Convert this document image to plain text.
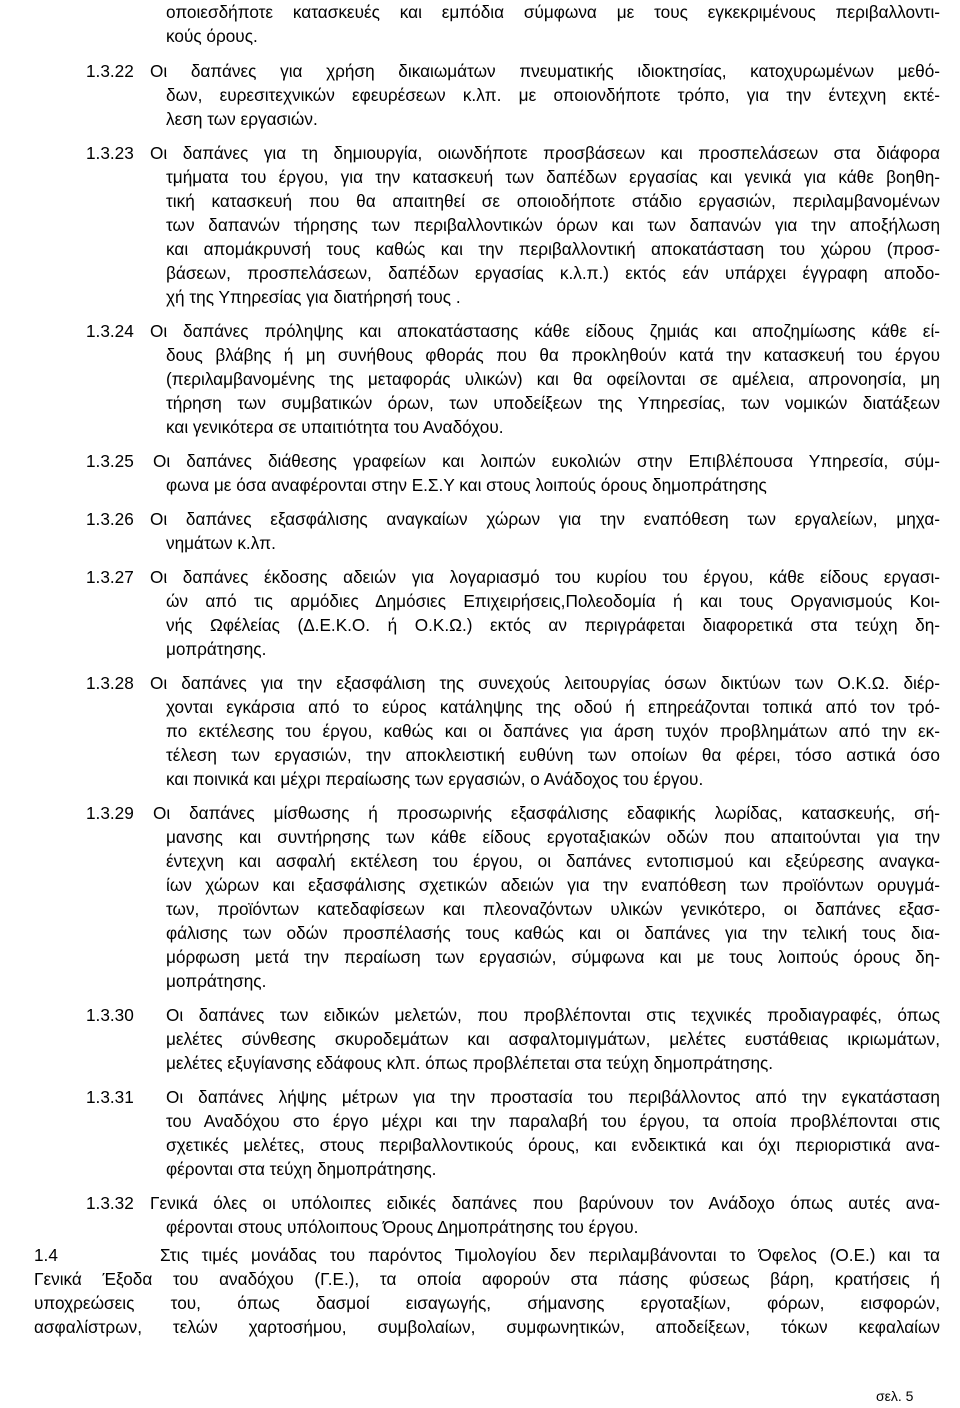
οποιεσδήποτε κατασκευές και εμπόδια σύμφωνα με τους εγκεκριμένους περιβαλλοντι-
κούς όρους.
1.3.22 Οι δαπάνες για χρήση δικαιωμάτων πνευματικής ιδιοκτησίας, κατοχυρωμένων μεθό-
δων, ευρεσιτεχνικών εφευρέσεων κ.λπ. με οποιονδήποτε τρόπο, για την έντεχνη εκτέ-
λεση των εργασιών.
1.3.23 Οι δαπάνες για τη δημιουργία, οιωνδήποτε προσβάσεων και προσπελάσεων στα διάφορα
τμήματα του έργου, για την κατασκευή των δαπέδων εργασίας και γενικά για κάθε βοηθη-
τική κατασκευή που θα απαιτηθεί σε οποιοδήποτε στάδιο εργασιών, περιλαμβανομένων
των δαπανών τήρησης των περιβαλλοντικών όρων και των δαπανών για την αποξήλωση
και απομάκρυνσή τους καθώς και την περιβαλλοντική αποκατάσταση του χώρου (προσ-
βάσεων, προσπελάσεων, δαπέδων εργασίας κ.λ.π.) εκτός εάν υπάρχει έγγραφη αποδο-
χή της Υπηρεσίας για διατήρησή τους .
1.3.24 Οι δαπάνες πρόληψης και αποκατάστασης κάθε είδους ζημιάς και αποζημίωσης κάθε εί-
δους βλάβης ή μη συνήθους φθοράς που θα προκληθούν κατά την κατασκευή του έργου
(περιλαμβανομένης της μεταφοράς υλικών) και θα οφείλονται σε αμέλεια, απρονοησία, μη
τήρηση των συμβατικών όρων, των υποδείξεων της Υπηρεσίας, των νομικών διατάξεων
και γενικότερα σε υπαιτιότητα του Αναδόχου.
1.3.25 Οι δαπάνες διάθεσης γραφείων και λοιπών ευκολιών στην Επιβλέπουσα Υπηρεσία, σύμ-
φωνα με όσα αναφέρονται στην Ε.Σ.Υ και στους λοιπούς όρους δημοπράτησης
1.3.26 Οι δαπάνες εξασφάλισης αναγκαίων χώρων για την εναπόθεση των εργαλείων, μηχα-
νημάτων κ.λπ.
1.3.27 Οι δαπάνες έκδοσης αδειών για λογαριασμό του κυρίου του έργου, κάθε είδους εργασι-
ών από τις αρμόδιες Δημόσιες Επιχειρήσεις,Πολεοδομία ή και τους Οργανισμούς Κοι-
νής Ωφέλείας (Δ.Ε.Κ.Ο. ή Ο.Κ.Ω.) εκτός αν περιγράφεται διαφορετικά στα τεύχη δη-
μοπράτησης.
1.3.28 Οι δαπάνες για την εξασφάλιση της συνεχούς λειτουργίας όσων δικτύων των Ο.Κ.Ω. διέρ-
χονται εγκάρσια από το εύρος κατάληψης της οδού ή επηρεάζονται τοπικά από τον τρό-
πο εκτέλεσης του έργου, καθώς και οι δαπάνες για άρση τυχόν προβλημάτων από την εκ-
τέλεση των εργασιών, την αποκλειστική ευθύνη των οποίων θα φέρει, τόσο αστικά όσο
και ποινικά και μέχρι περαίωσης των εργασιών, ο Ανάδοχος του έργου.
1.3.29 Οι δαπάνες μίσθωσης ή προσωρινής εξασφάλισης εδαφικής λωρίδας, κατασκευής, σή-
μανσης και συντήρησης των κάθε είδους εργοταξιακών οδών που απαιτούνται για την
έντεχνη και ασφαλή εκτέλεση του έργου, οι δαπάνες εντοπισμού και εξεύρεσης αναγκα-
ίων χώρων και εξασφάλισης σχετικών αδειών για την εναπόθεση των προϊόντων ορυγμά-
των, προϊόντων κατεδαφίσεων και πλεοναζόντων υλικών γενικότερο, οι δαπάνες εξασ-
φάλισης των οδών προσπέλασής τους καθώς και οι δαπάνες για την τελική τους δια-
μόρφωση μετά την περαίωση των εργασιών, σύμφωνα και με τους λοιπούς όρους δη-
μοπράτησης.
1.3.30 Οι δαπάνες των ειδικών μελετών, που προβλέπονται στις τεχνικές προδιαγραφές, όπως
μελέτες σύνθεσης σκυροδεμάτων και ασφαλτομιγμάτων, μελέτες ευστάθειας ικριωμάτων,
μελέτες εξυγίανσης εδάφους κλπ. όπως προβλέπεται στα τεύχη δημοπράτησης.
1.3.31 Οι δαπάνες λήψης μέτρων για την προστασία του περιβάλλοντος από την εγκατάσταση
του Αναδόχου στο έργο μέχρι και την παραλαβή του έργου, τα οποία προβλέπονται στις
σχετικές μελέτες, στους περιβαλλοντικούς όρους, και ενδεικτικά και όχι περιοριστικά ανα-
φέρονται στα τεύχη δημοπράτησης.
1.3.32 Γενικά όλες οι υπόλοιπες ειδικές δαπάνες που βαρύνουν τον Ανάδοχο όπως αυτές ανα-
φέρονται στους υπόλοιπους Όρους Δημοπράτησης του έργου.
1.4	Στις τιμές μονάδας του παρόντος Τιμολογίου δεν περιλαμβάνονται το Όφελος (Ο.Ε.) και τα
Γενικά Έξοδα του αναδόχου (Γ.Ε.), τα οποία αφορούν στα πάσης φύσεως βάρη, κρατήσεις ή
υποχρεώσεις του, όπως δασμοί εισαγωγής, σήμανσης εργοταξίων, φόρων, εισφορών,
ασφαλίστρων, τελών χαρτοσήμου, συμβολαίων, συμφωνητικών, αποδείξεων, τόκων κεφαλαίων
σελ. 5
